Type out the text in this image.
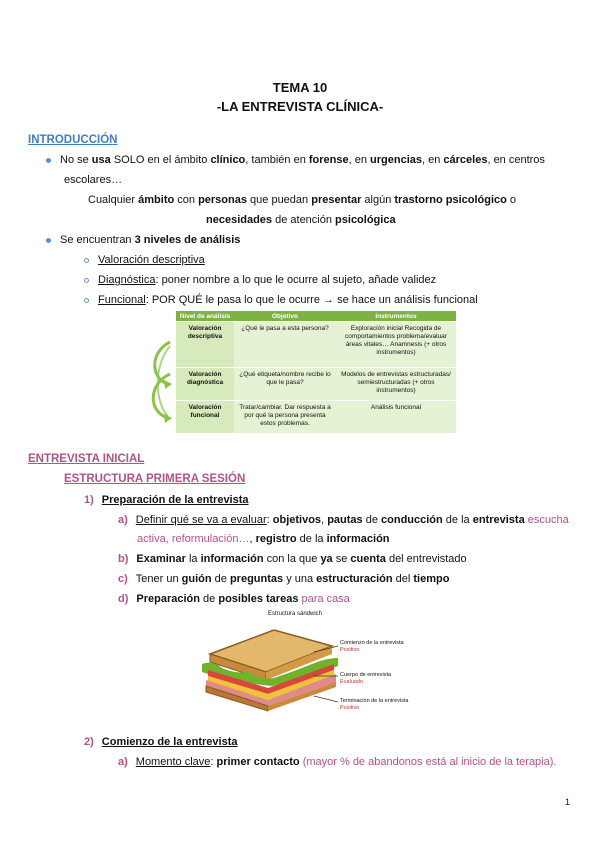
TEMA 10
-LA ENTREVISTA CLÍNICA-
INTRODUCCIÓN
No se usa SOLO en el ámbito clínico, también en forense, en urgencias, en cárceles, en centros
escolares…
Cualquier ámbito con personas que puedan presentar algún trastorno psicológico o
necesidades de atención psicológica
Se encuentran 3 niveles de análisis
Valoración descriptiva
Diagnóstica: poner nombre a lo que le ocurre al sujeto, añade validez
Funcional: POR QUÉ le pasa lo que le ocurre → se hace un análisis funcional
Nivel de análisis	Objetivo	Instrumentos
Valoración descriptiva	¿Qué le pasa a esta persona?	Exploración inicial Recogida de comportamientos problema/evaluar áreas vitales… Anamnesis (+ otros instrumentos)
Valoración diagnóstica	¿Qué etiqueta/nombre recibe lo que le pasa?	Modelos de entrevistas estructuradas/ semiestructuradas (+ otros instrumentos)
Valoración funcional	Tratar/cambiar. Dar respuesta a por qué la persona presenta estos problemas.	Análisis funcional
ENTREVISTA INICIAL
ESTRUCTURA PRIMERA SESIÓN
1) Preparación de la entrevista
a) Definir qué se va a evaluar: objetivos, pautas de conducción de la entrevista escucha
activa, reformulación…, registro de la información
b) Examinar la información con la que ya se cuenta del entrevistado
c) Tener un guión de preguntas y una estructuración del tiempo
d) Preparación de posibles tareas para casa
Estructura sándwich
Comienzo de la entrevista
Positivo
Cuerpo de entrevista
Evaluado
Terminación de la entrevista
Positivo
2) Comienzo de la entrevista
a) Momento clave: primer contacto (mayor % de abandonos está al inicio de la terapia).
1
